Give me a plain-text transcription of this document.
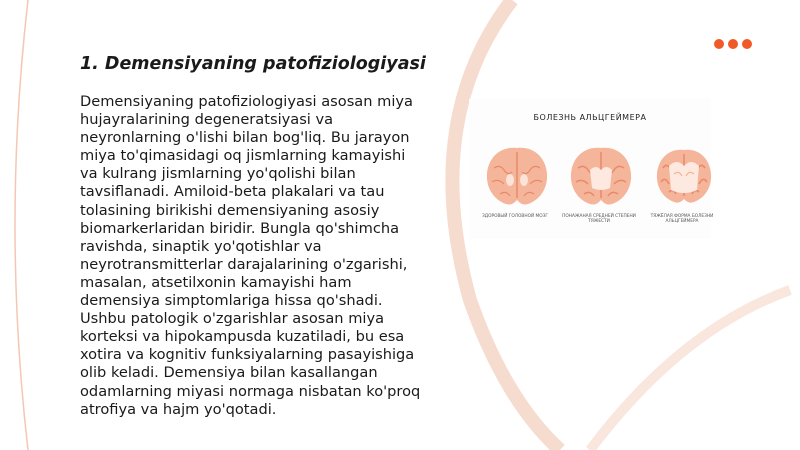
1. Demensiyaning patofiziologiyasi
Demensiyaning patofiziologiyasi asosan miya hujayralarining degeneratsiyasi va neyronlarning o'lishi bilan bog'liq. Bu jarayon miya to'qimasidagi oq jismlarning kamayishi va kulrang jismlarning yo'qolishi bilan tavsiflanadi. Amiloid-beta plakalari va tau tolasining birikishi demensiyaning asosiy biomarkerlaridan biridir. Bungla qo'shimcha ravishda, sinaptik yo'qotishlar va neyrotransmitterlar darajalarining o'zgarishi, masalan, atsetilxonin kamayishi ham demensiya simptomlariga hissa qo'shadi. Ushbu patologik o'zgarishlar asosan miya korteksi va hipokampusda kuzatiladi, bu esa xotira va kognitiv funksiyalarning pasayishiga olib keladi. Demensiya bilan kasallangan odamlarning miyasi normaga nisbatan ko'proq atrofiya va hajm yo'qotadi.
БОЛЕЗНЬ АЛЬЦГЕЙМЕРА
ЗДОРОВЫЙ ГОЛОВНОЙ МОЗГ	ПОНАЖАНАЯ СРЕДНЕЙ СТЕПЕНИ ТЯЖЕСТИ
ТЯЖЁЛАЯ ФОРМА БОЛЕЗНИ АЛЬЦГЕЙМЕРА
